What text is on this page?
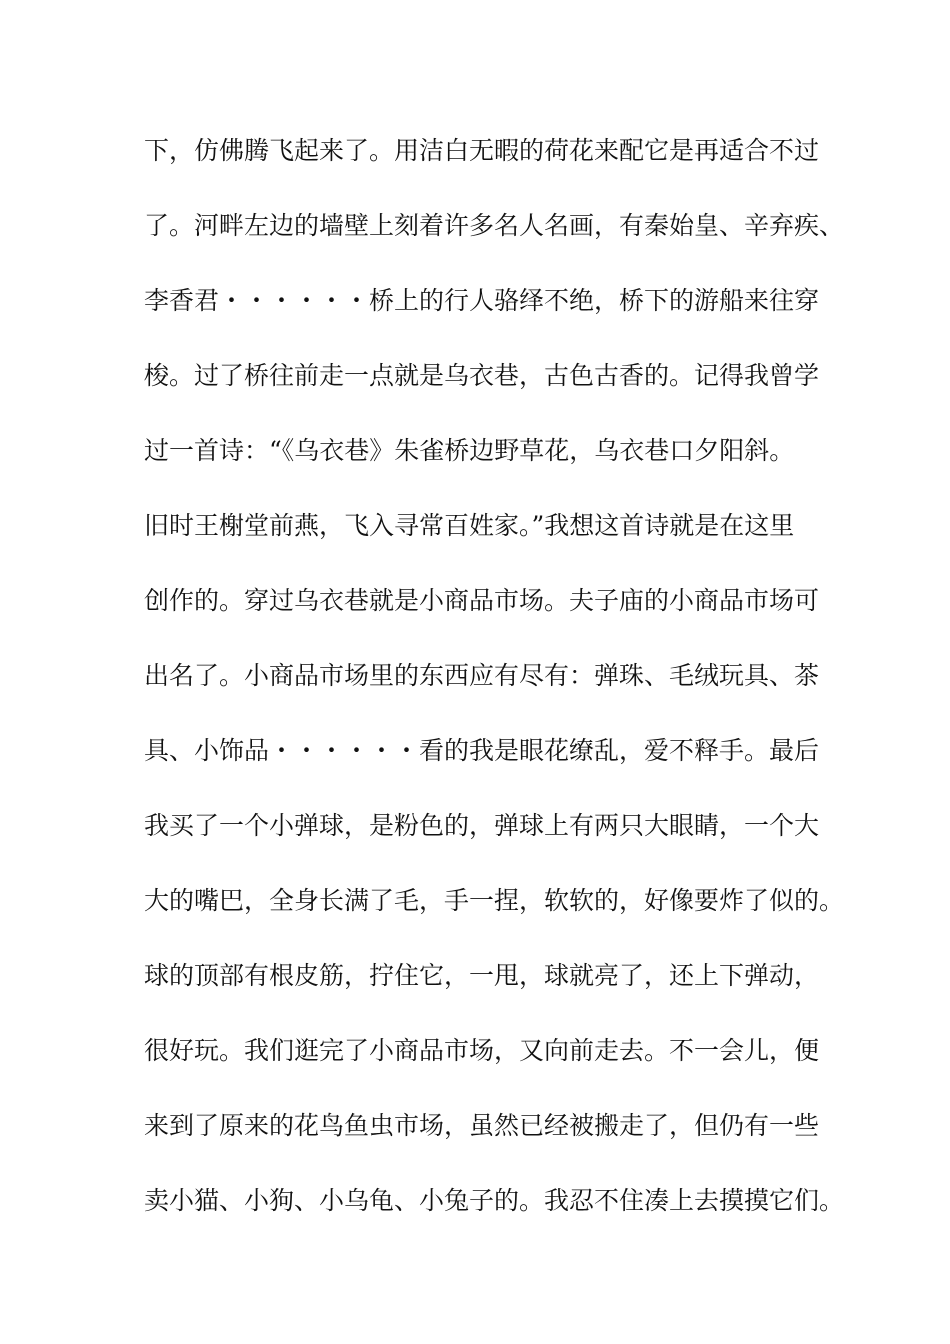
下，仿佛腾飞起来了。用洁白无暇的荷花来配它是再适合不过
了。河畔左边的墙壁上刻着许多名人名画，有秦始皇、辛弃疾、
李香君・・・・・・桥上的行人骆绎不绝，桥下的游船来往穿
梭。过了桥往前走一点就是乌衣巷，古色古香的。记得我曾学
过一首诗：“《乌衣巷》朱雀桥边野草花，乌衣巷口夕阳斜。
旧时王榭堂前燕，飞入寻常百姓家。”我想这首诗就是在这里
创作的。穿过乌衣巷就是小商品市场。夫子庙的小商品市场可
出名了。小商品市场里的东西应有尽有：弹珠、毛绒玩具、茶
具、小饰品・・・・・・看的我是眼花缭乱，爱不释手。最后
我买了一个小弹球，是粉色的，弹球上有两只大眼睛，一个大
大的嘴巴，全身长满了毛，手一捏，软软的，好像要炸了似的。
球的顶部有根皮筋，拧住它，一甩，球就亮了，还上下弹动，
很好玩。我们逛完了小商品市场，又向前走去。不一会儿，便
来到了原来的花鸟鱼虫市场，虽然已经被搬走了，但仍有一些
卖小猫、小狗、小乌龟、小兔子的。我忍不住凑上去摸摸它们。
